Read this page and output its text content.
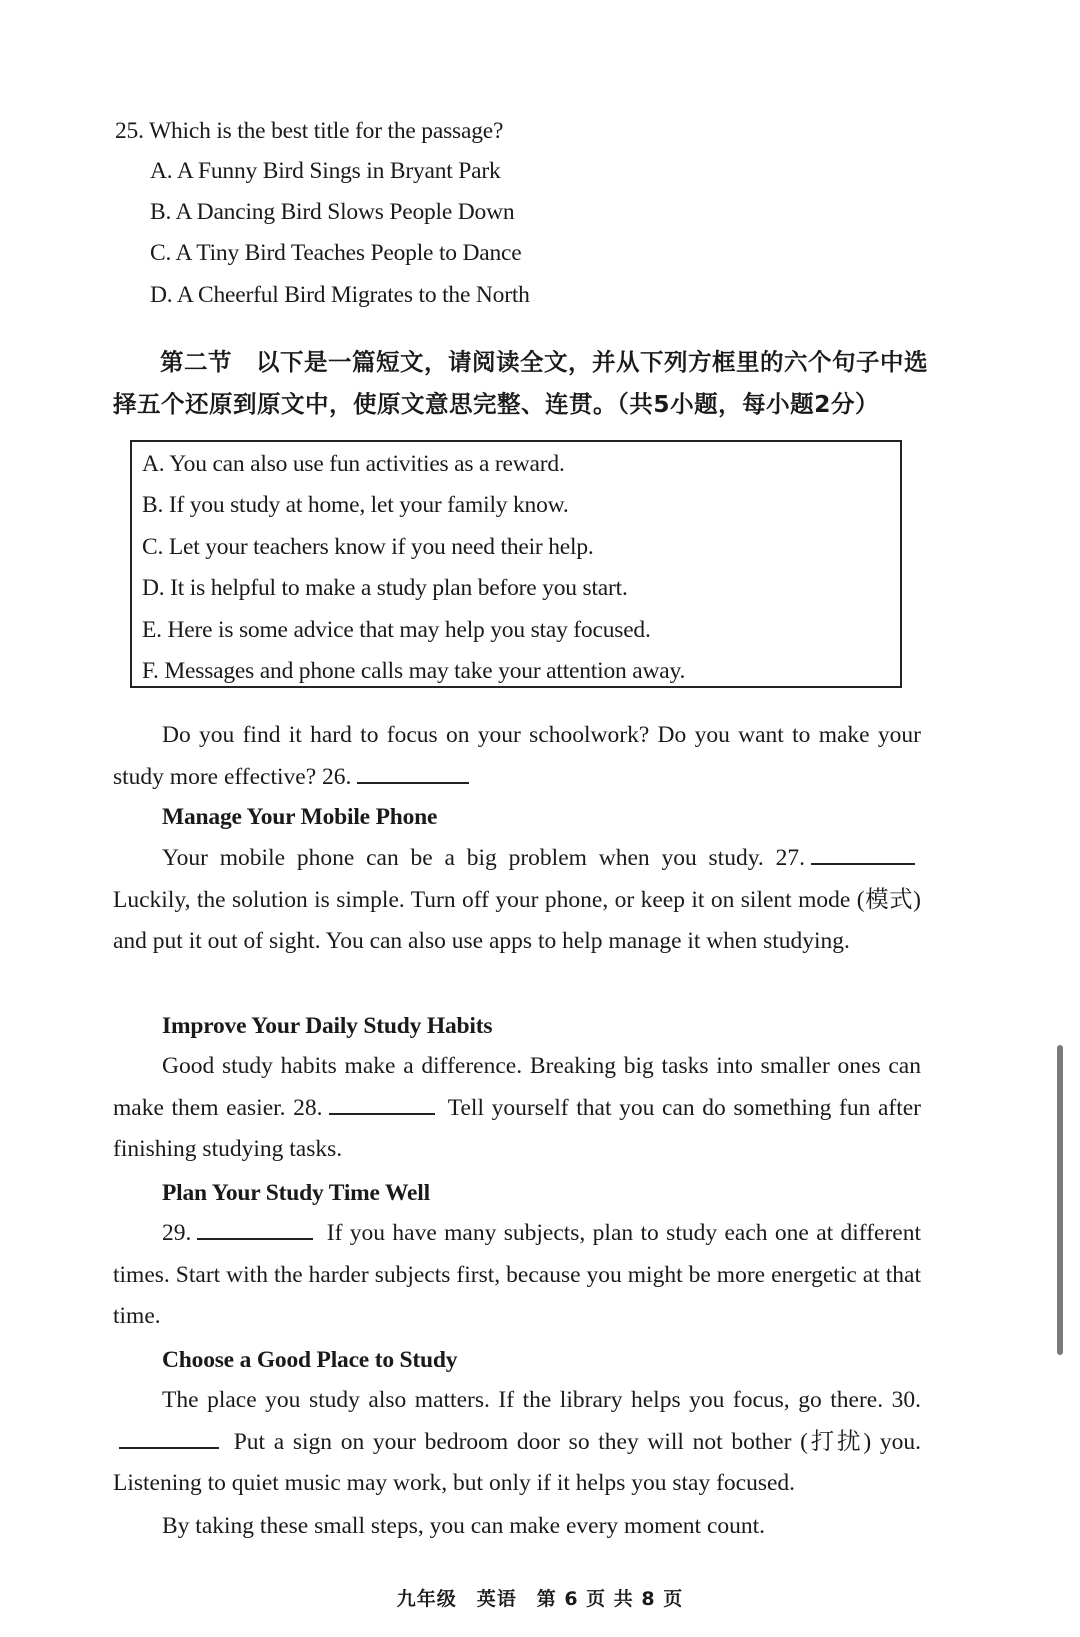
25. Which is the best title for the passage?
A. A Funny Bird Sings in Bryant Park
B. A Dancing Bird Slows People Down
C. A Tiny Bird Teaches People to Dance
D. A Cheerful Bird Migrates to the North
第二节　以下是一篇短文，请阅读全文，并从下列方框里的六个句子中选
择五个还原到原文中，使原文意思完整、连贯。（共5小题，每小题2分）
A. You can also use fun activities as a reward.
B. If you study at home, let your family know.
C. Let your teachers know if you need their help.
D. It is helpful to make a study plan before you start.
E. Here is some advice that may help you stay focused.
F. Messages and phone calls may take your attention away.
Do you find it hard to focus on your schoolwork? Do you want to make your study more effective? 26.
Manage Your Mobile Phone
Your mobile phone can be a big problem when you study. 27. Luckily, the solution is simple. Turn off your phone, or keep it on silent mode (模式) and put it out of sight. You can also use apps to help manage it when studying.
Improve Your Daily Study Habits
Good study habits make a difference. Breaking big tasks into smaller ones can make them easier. 28.	Tell yourself that you can do something fun after finishing studying tasks.
Plan Your Study Time Well
29.	If you have many subjects, plan to study each one at different times. Start with the harder subjects first, because you might be more energetic at that time.
Choose a Good Place to Study
The place you study also matters. If the library helps you focus, go there. 30. Put a sign on your bedroom door so they will not bother (打扰) you. Listening to quiet music may work, but only if it helps you stay focused.
By taking these small steps, you can make every moment count.
九年级　英语　第 6 页 共 8 页
